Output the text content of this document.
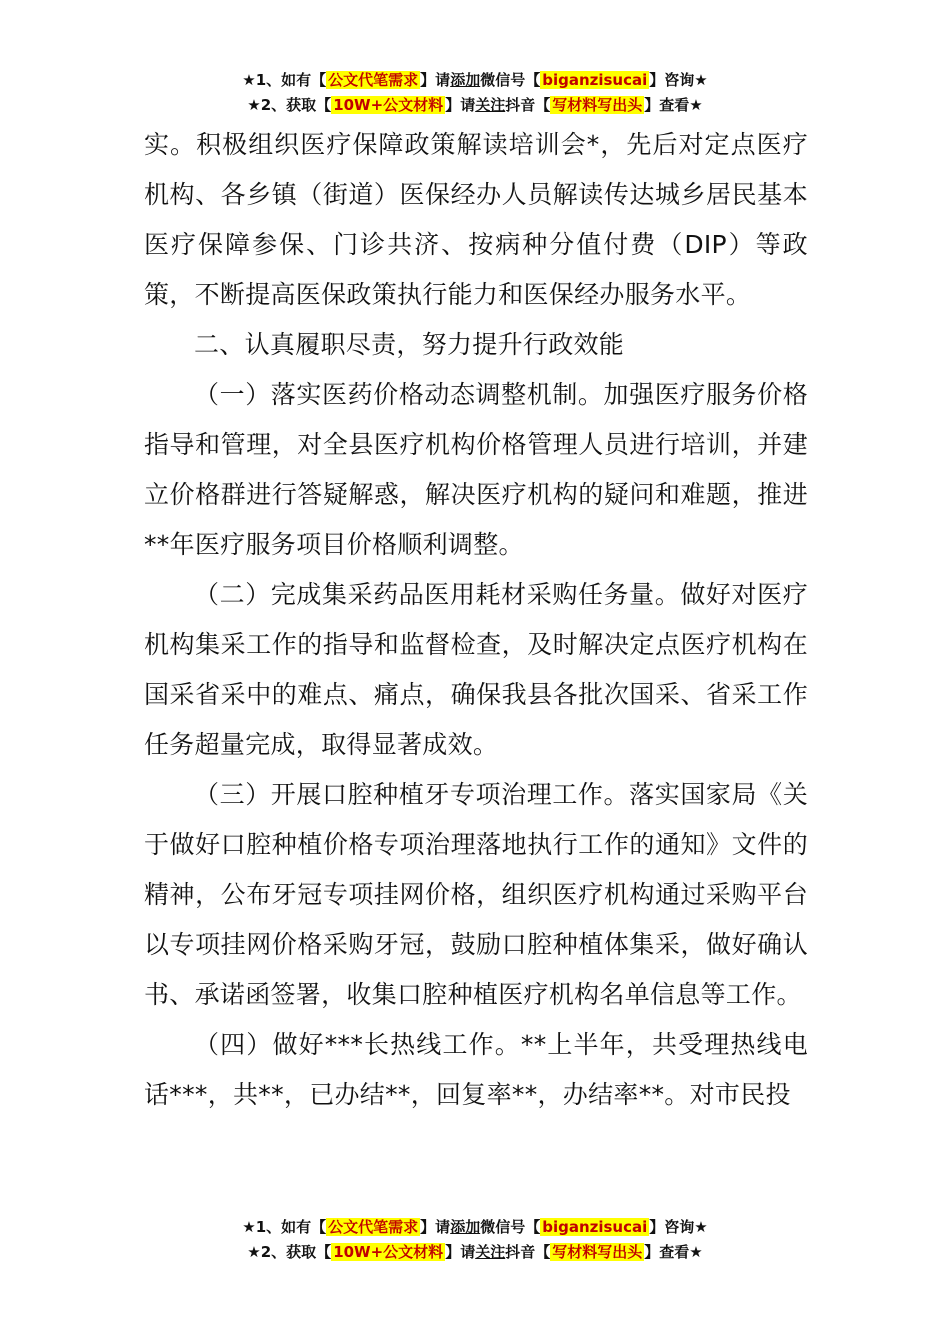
★1、如有【 公文代笔需求 】请添加微信号【 biganzisucai 】咨询★
★2、获取【 10W+公文材料 】请关注抖音【 写材料写出头 】查看★

实。积极组织医疗保障政策解读培训会*，先后对定点医疗机构、各乡镇（街道）医保经办人员解读传达城乡居民基本医疗保障参保、门诊共济、按病种分值付费（DIP）等政策，不断提高医保政策执行能力和医保经办服务水平。

二、认真履职尽责，努力提升行政效能

（一）落实医药价格动态调整机制。加强医疗服务价格指导和管理，对全县医疗机构价格管理人员进行培训，并建立价格群进行答疑解惑，解决医疗机构的疑问和难题，推进**年医疗服务项目价格顺利调整。

（二）完成集采药品医用耗材采购任务量。做好对医疗机构集采工作的指导和监督检查，及时解决定点医疗机构在国采省采中的难点、痛点，确保我县各批次国采、省采工作任务超量完成，取得显著成效。

（三）开展口腔种植牙专项治理工作。落实国家局《关于做好口腔种植价格专项治理落地执行工作的通知》文件的精神，公布牙冠专项挂网价格，组织医疗机构通过采购平台以专项挂网价格采购牙冠，鼓励口腔种植体集采，做好确认书、承诺函签署，收集口腔种植医疗机构名单信息等工作。

（四）做好***长热线工作。**上半年，共受理热线电话***，共**，已办结**，回复率**，办结率**。对市民投

★1、如有【 公文代笔需求 】请添加微信号【 biganzisucai 】咨询★
★2、获取【 10W+公文材料 】请关注抖音【 写材料写出头 】查看★
